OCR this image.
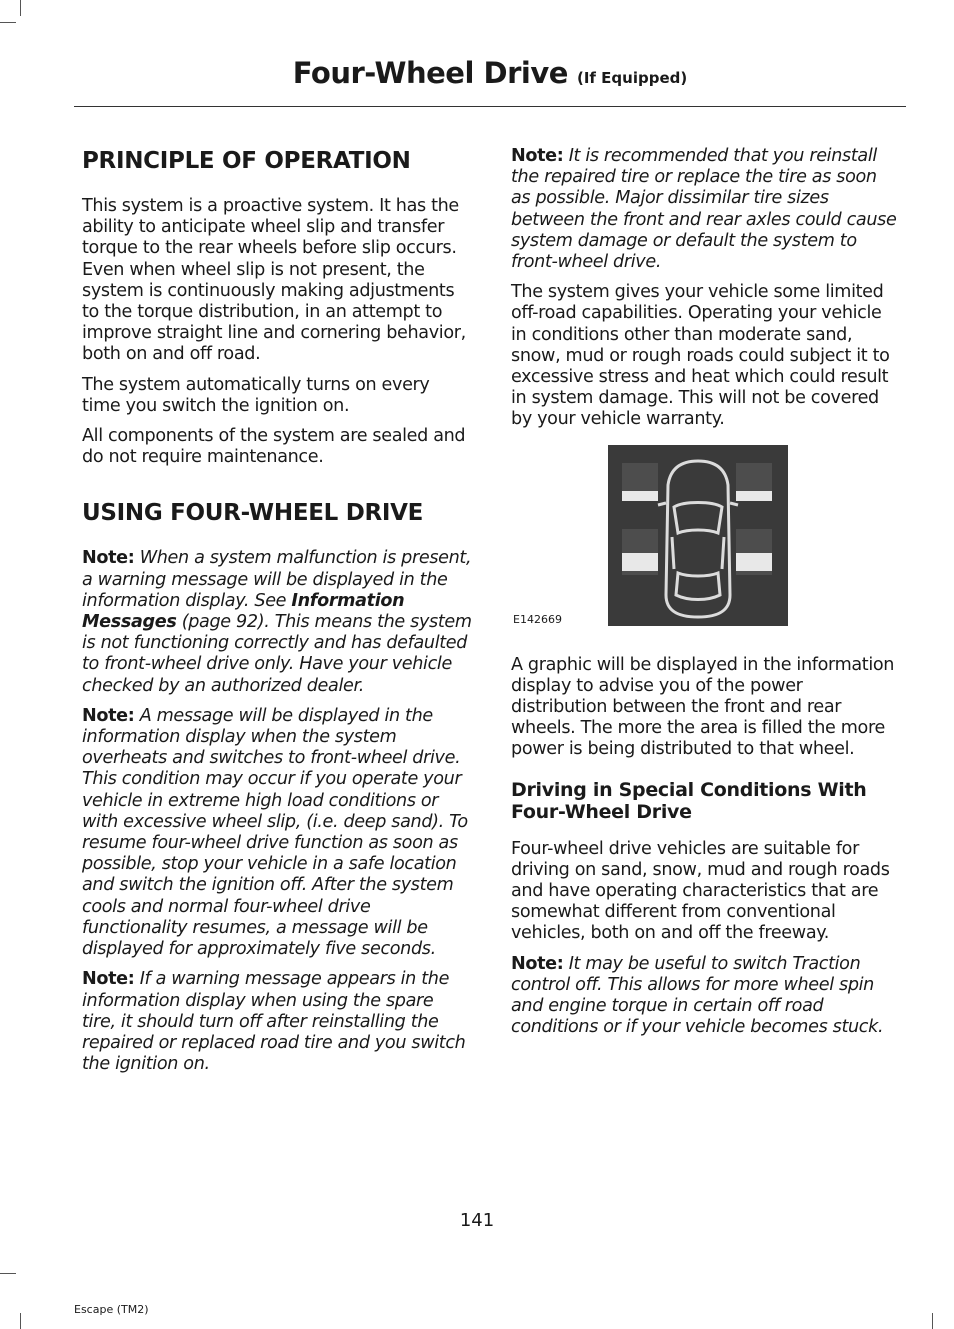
Four-Wheel Drive (If Equipped)
PRINCIPLE OF OPERATION

This system is a proactive system. It has the ability to anticipate wheel slip and transfer torque to the rear wheels before slip occurs. Even when wheel slip is not present, the system is continuously making adjustments to the torque distribution, in an attempt to improve straight line and cornering behavior, both on and off road.

The system automatically turns on every time you switch the ignition on.

All components of the system are sealed and do not require maintenance.

USING FOUR-WHEEL DRIVE

Note: When a system malfunction is present, a warning message will be displayed in the information display. See Information Messages (page 92). This means the system is not functioning correctly and has defaulted to front-wheel drive only. Have your vehicle checked by an authorized dealer.

Note: A message will be displayed in the information display when the system overheats and switches to front-wheel drive. This condition may occur if you operate your vehicle in extreme high load conditions or with excessive wheel slip, (i.e. deep sand). To resume four-wheel drive function as soon as possible, stop your vehicle in a safe location and switch the ignition off. After the system cools and normal four-wheel drive functionality resumes, a message will be displayed for approximately five seconds.

Note: If a warning message appears in the information display when using the spare tire, it should turn off after reinstalling the repaired or replaced road tire and you switch the ignition on.

Note: It is recommended that you reinstall the repaired tire or replace the tire as soon as possible. Major dissimilar tire sizes between the front and rear axles could cause system damage or default the system to front-wheel drive.

The system gives your vehicle some limited off-road capabilities. Operating your vehicle in conditions other than moderate sand, snow, mud or rough roads could subject it to excessive stress and heat which could result in system damage. This will not be covered by your vehicle warranty.

E142669

A graphic will be displayed in the information display to advise you of the power distribution between the front and rear wheels. The more the area is filled the more power is being distributed to that wheel.

Driving in Special Conditions With Four-Wheel Drive

Four-wheel drive vehicles are suitable for driving on sand, snow, mud and rough roads and have operating characteristics that are somewhat different from conventional vehicles, both on and off the freeway.

Note: It may be useful to switch Traction control off. This allows for more wheel spin and engine torque in certain off road conditions or if your vehicle becomes stuck.

141
Escape (TM2)
